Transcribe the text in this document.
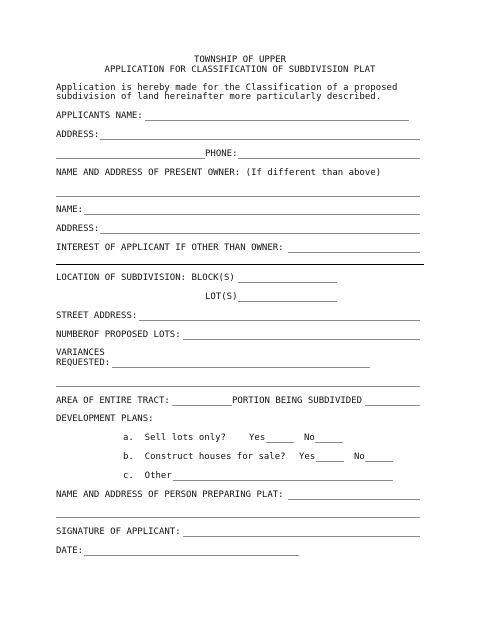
TOWNSHIP OF UPPER
APPLICATION FOR CLASSIFICATION OF SUBDIVISION PLAT
Application is hereby made for the Classification of a proposed
subdivision of land hereinafter more particularly described.
APPLICANTS NAME:
ADDRESS:
PHONE:
NAME AND ADDRESS OF PRESENT OWNER: (If different than above)
NAME:
ADDRESS:
INTEREST OF APPLICANT IF OTHER THAN OWNER:
LOCATION OF SUBDIVISION: BLOCK(S)
LOT(S)
STREET ADDRESS:
NUMBEROF PROPOSED LOTS:
VARIANCES
REQUESTED:
AREA OF ENTIRE TRACT:	PORTION BEING SUBDIVIDED
DEVELOPMENT PLANS:
a.  Sell lots only?	Yes	No
b.  Construct houses for sale? Yes	No
c.  Other
NAME AND ADDRESS OF PERSON PREPARING PLAT:
SIGNATURE OF APPLICANT:
DATE:
